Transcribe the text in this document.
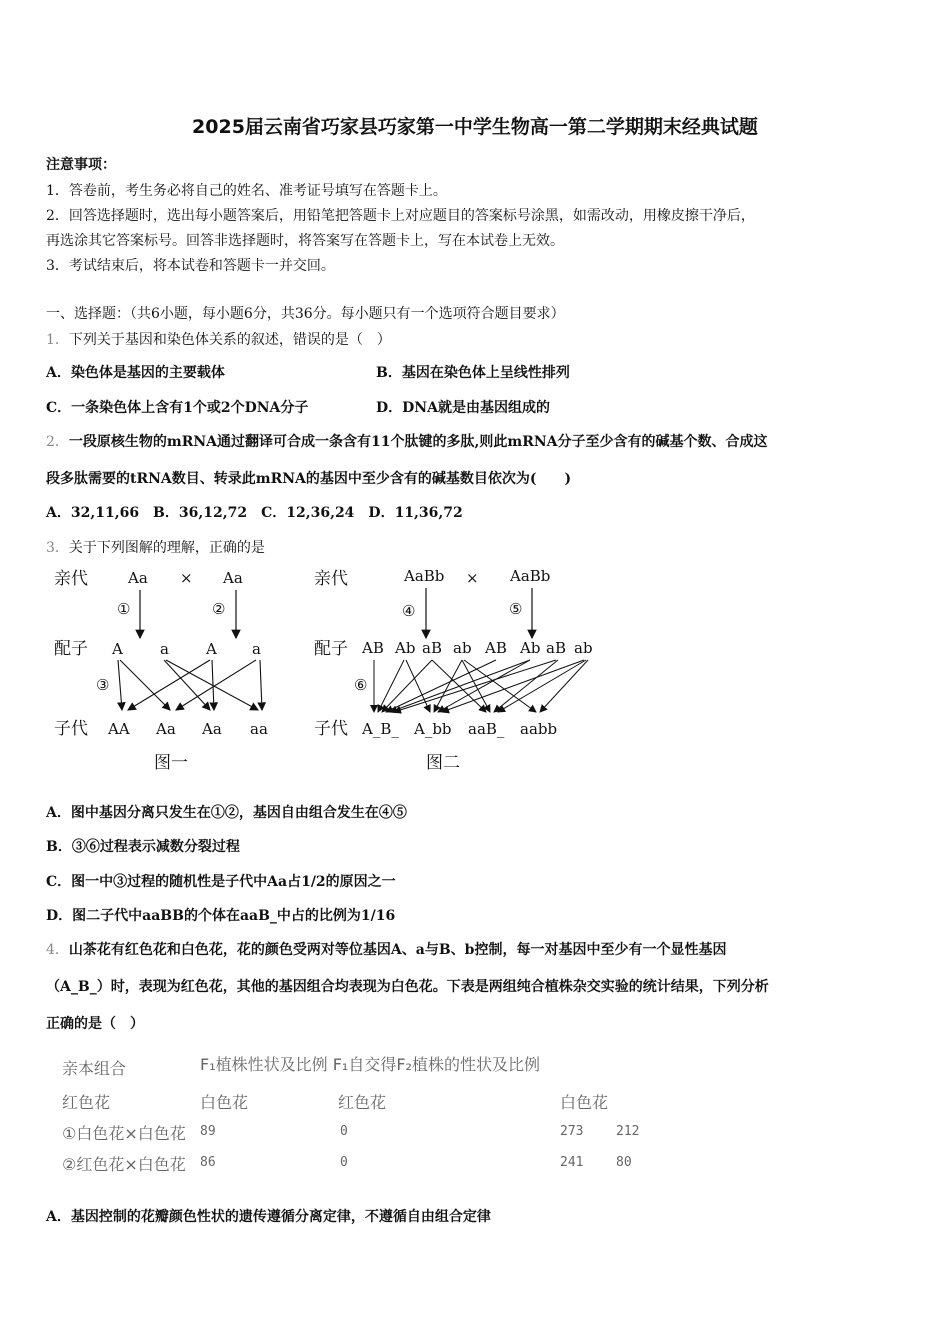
2025届云南省巧家县巧家第一中学生物高一第二学期期末经典试题
注意事项：
1．答卷前，考生务必将自己的姓名、准考证号填写在答题卡上。
2．回答选择题时，选出每小题答案后，用铅笔把答题卡上对应题目的答案标号涂黑，如需改动，用橡皮擦干净后，
再选涂其它答案标号。回答非选择题时，将答案写在答题卡上，写在本试卷上无效。
3．考试结束后，将本试卷和答题卡一并交回。
一、选择题：（共6小题，每小题6分，共36分。每小题只有一个选项符合题目要求）
1．下列关于基因和染色体关系的叙述，错误的是（　）
A．染色体是基因的主要载体	B．基因在染色体上呈线性排列
C．一条染色体上含有1个或2个DNA分子	D．DNA就是由基因组成的
2．一段原核生物的mRNA通过翻译可合成一条含有11个肽键的多肽,则此mRNA分子至少含有的碱基个数、合成这
段多肽需要的tRNA数目、转录此mRNA的基因中至少含有的碱基数目依次为(　　)
A．32,11,66　B．36,12,72　C．12,36,24　D．11,36,72
3．关于下列图解的理解，正确的是
亲代	Aa × Aa
①	②
配子 A a A a
③
子代 AA Aa Aa aa
图一
亲代	AaBb × AaBb
④	⑤
配子 AB Ab aB ab AB Ab aB ab
⑥
子代 A_B_ A_bb aaB_ aabb
图二
A．图中基因分离只发生在①②，基因自由组合发生在④⑤
B．③⑥过程表示减数分裂过程
C．图一中③过程的随机性是子代中Aa占1/2的原因之一
D．图二子代中aaBB的个体在aaB_中占的比例为1/16
4．山茶花有红色花和白色花，花的颜色受两对等位基因A、a与B、b控制，每一对基因中至少有一个显性基因
（A_B_）时，表现为红色花，其他的基因组合均表现为白色花。下表是两组纯合植株杂交实验的统计结果，下列分析
正确的是（　）
亲本组合	F₁植株性状及比例 F₁自交得F₂植株的性状及比例
红色花	白色花	红色花	白色花
①白色花×白色花 89	0	273	212
②红色花×白色花 86	0	241	80
A．基因控制的花瓣颜色性状的遗传遵循分离定律，不遵循自由组合定律
